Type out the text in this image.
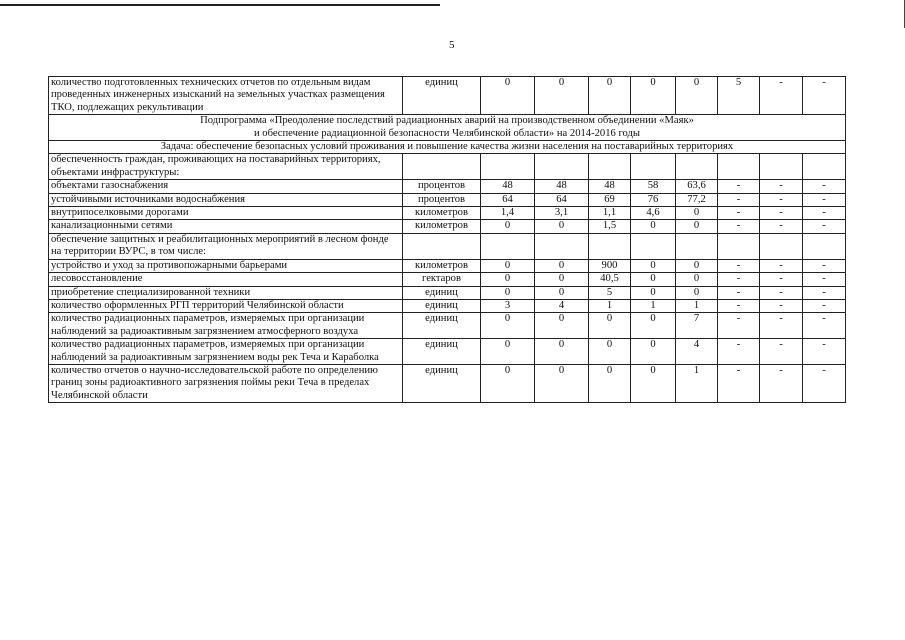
5
количество подготовленных технических отчетов по отдельным видам проведенных инженерных изысканий на земельных участках размещения ТКО, подлежащих рекультивации	единиц	0	0	0	0	0	5	-	-
Подпрограмма «Преодоление последствий радиационных аварий на производственном объединении «Маяк»
и обеспечение радиационной безопасности Челябинской области» на 2014-2016 годы									
Задача: обеспечение безопасных условий проживания и повышение качества жизни населения на поставарийных территориях									
обеспеченность граждан, проживающих на поставарийных территориях, объектами инфраструктуры:									
объектами газоснабжения	процентов	48	48	48	58	63,6	-	-	-
устойчивыми источниками водоснабжения	процентов	64	64	69	76	77,2	-	-	-
внутрипоселковыми дорогами	километров	1,4	3,1	1,1	4,6	0	-	-	-
канализационными сетями	километров	0	0	1,5	0	0	-	-	-
обеспечение защитных и реабилитационных мероприятий в лесном фонде на территории ВУРС, в том числе:									
устройство и уход за противопожарными барьерами	километров	0	0	900	0	0	-	-	-
лесовосстановление	гектаров	0	0	40,5	0	0	-	-	-
приобретение специализированной техники	единиц	0	0	5	0	0	-	-	-
количество оформленных РГП территорий Челябинской области	единиц	3	4	1	1	1	-	-	-
количество радиационных параметров, измеряемых при организации наблюдений за радиоактивным загрязнением атмосферного воздуха	единиц	0	0	0	0	7	-	-	-
количество радиационных параметров, измеряемых при организации наблюдений за радиоактивным загрязнением воды рек Теча и Караболка	единиц	0	0	0	0	4	-	-	-
количество отчетов о научно-исследовательской работе по определению границ зоны радиоактивного загрязнения поймы реки Теча в пределах Челябинской области	единиц	0	0	0	0	1	-	-	-
